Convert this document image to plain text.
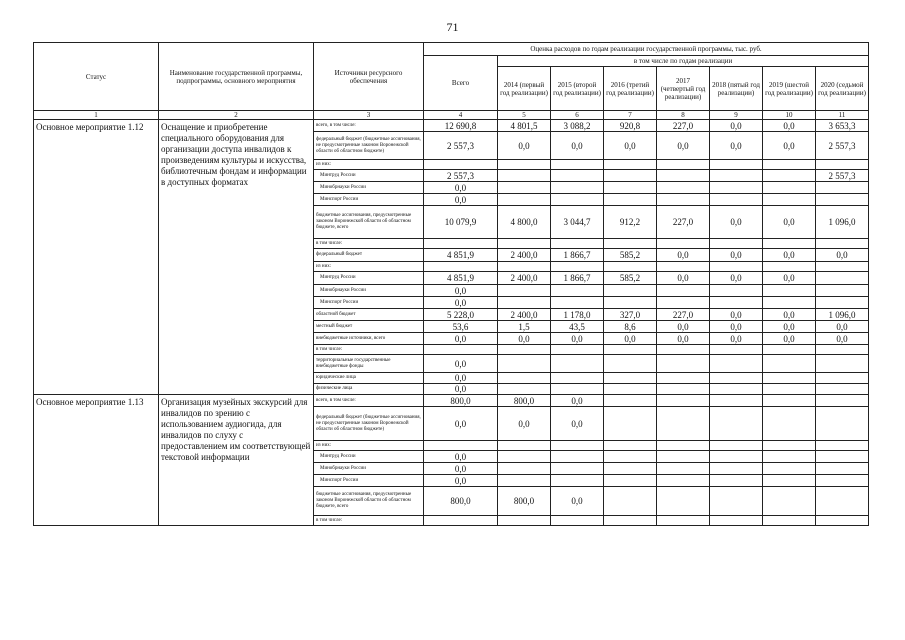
71
Статус	Наименование государственной программы, подпрограммы, основного мероприятия	Источники ресурсного обеспечения	Оценка расходов по годам реализации государственной программы, тыс. руб.							
			Всего	в том числе по годам реализации						
				2014 (первый год реализации)	2015 (второй год реализации)	2016 (третий год реализации)	2017 (четвертый год реализации)	2018 (пятый год реализации)	2019 (шестой год реализации)	2020 (седьмой год реализации)
1	2	3	4	5	6	7	8	9	10	11
Основное мероприятие 1.12	Оснащение и приобретение специального оборудования для организации доступа инвалидов к произведениям культуры и искусства, библиотечным фондам и информации в доступных форматах	всего, в том числе:	12 690,8	4 801,5	3 088,2	920,8	227,0	0,0	0,0	3 653,3
		федеральный бюджет (бюджетные ассигнования, не предусмотренные законом Воронежской области об областном бюджете)	2 557,3	0,0	0,0	0,0	0,0	0,0	0,0	2 557,3
		из них:								
		Минтруд России	2 557,3							2 557,3
		Минобрнауки России	0,0							
		Минспорт России	0,0							
		бюджетные ассигнования, предусмотренные законом Воронежской области об областном бюджете, всего	10 079,9	4 800,0	3 044,7	912,2	227,0	0,0	0,0	1 096,0
		в том числе:								
		федеральный бюджет	4 851,9	2 400,0	1 866,7	585,2	0,0	0,0	0,0	0,0
		из них:								
		Минтруд России	4 851,9	2 400,0	1 866,7	585,2	0,0	0,0	0,0	
		Минобрнауки России	0,0							
		Минспорт России	0,0							
		областной бюджет	5 228,0	2 400,0	1 178,0	327,0	227,0	0,0	0,0	1 096,0
		местный бюджет	53,6	1,5	43,5	8,6	0,0	0,0	0,0	0,0
		внебюджетные источники, всего	0,0	0,0	0,0	0,0	0,0	0,0	0,0	0,0
		в том числе:								
		территориальные государственные внебюджетные фонды	0,0							
		юридические лица	0,0							
		физические лица	0,0							
Основное мероприятие 1.13	Организация музейных экскурсий для инвалидов по зрению с использованием аудиогида, для инвалидов по слуху с предоставлением им соответствующей текстовой информации	всего, в том числе:	800,0	800,0	0,0					
		федеральный бюджет (бюджетные ассигнования, не предусмотренные законом Воронежской области об областном бюджете)	0,0	0,0	0,0					
		из них:								
		Минтруд России	0,0							
		Минобрнауки России	0,0							
		Минспорт России	0,0							
		бюджетные ассигнования, предусмотренные законом Воронежской области об областном бюджете, всего	800,0	800,0	0,0					
		в том числе:								
